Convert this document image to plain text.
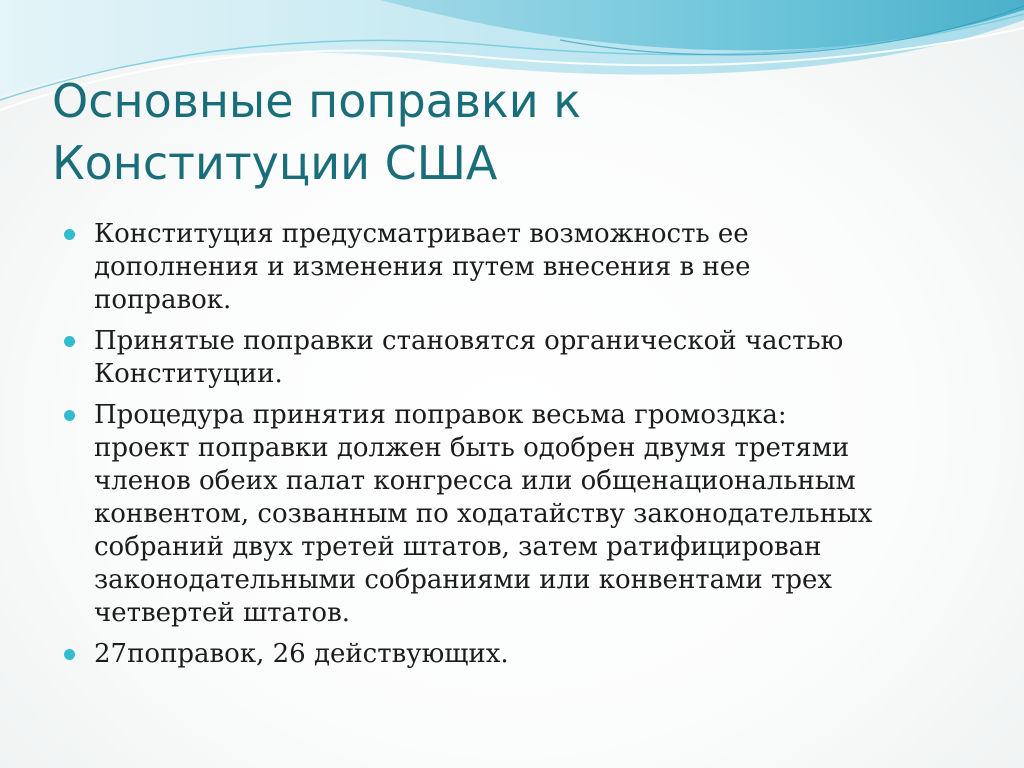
Основные поправки к
Конституции США
Конституция предусматривает возможность ее
дополнения и изменения путем внесения в нее
поправок.
Принятые поправки становятся органической частью
Конституции.
Процедура принятия поправок весьма громоздка:
проект поправки должен быть одобрен двумя третями
членов обеих палат конгресса или общенациональным
конвентом, созванным по ходатайству законодательных
собраний двух третей штатов, затем ратифицирован
законодательными собраниями или конвентами трех
четвертей штатов.
27поправок, 26 действующих.
